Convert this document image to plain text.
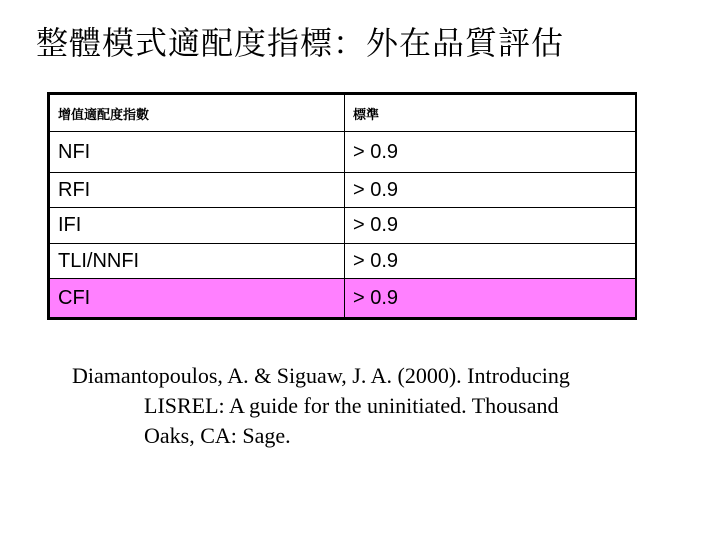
整體模式適配度指標：外在品質評估
增值適配度指數	標準
NFI	> 0.9
RFI	> 0.9
IFI	> 0.9
TLI/NNFI	> 0.9
CFI	> 0.9

Diamantopoulos, A. & Siguaw, J. A. (2000). Introducing
LISREL: A guide for the uninitiated. Thousand
Oaks, CA: Sage.
